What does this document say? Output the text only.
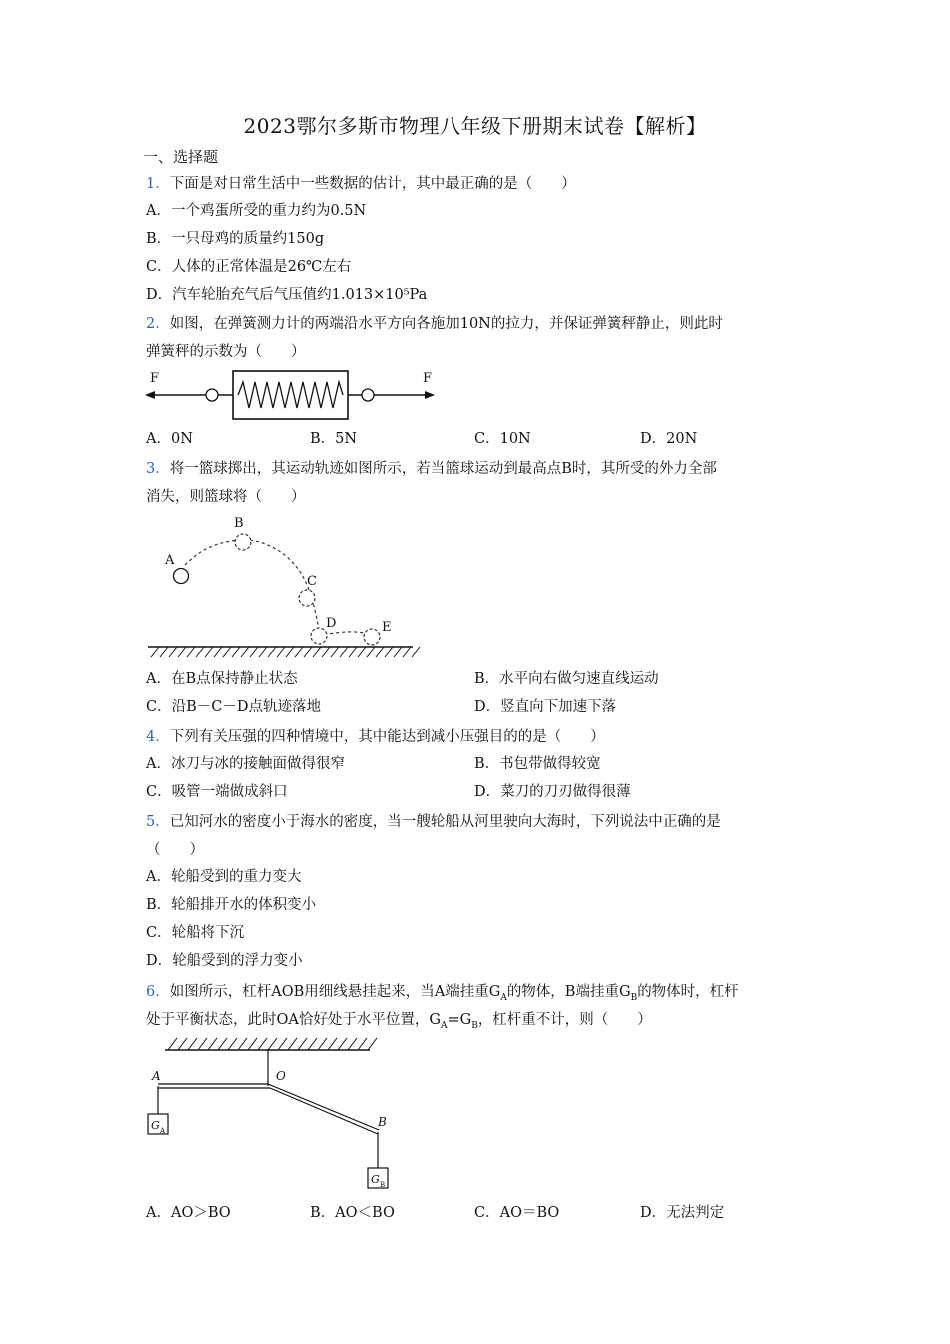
2023鄂尔多斯市物理八年级下册期末试卷【解析】
一、选择题
1．下面是对日常生活中一些数据的估计，其中最正确的是（　　）
A．一个鸡蛋所受的重力约为0.5N
B．一只母鸡的质量约150g
C．人体的正常体温是26℃左右
D．汽车轮胎充气后气压值约1.013×10⁵Pa
2．如图，在弹簧测力计的两端沿水平方向各施加10N的拉力，并保证弹簧秤静止，则此时
弹簧秤的示数为（　　）
F	F
A．0N	B．5N	C．10N	D．20N
3．将一篮球掷出，其运动轨迹如图所示，若当篮球运动到最高点B时，其所受的外力全部
消失，则篮球将（　　）
A
B
C
D	E
A．在B点保持静止状态	B．水平向右做匀速直线运动
C．沿B－C－D点轨迹落地	D．竖直向下加速下落
4．下列有关压强的四种情境中，其中能达到减小压强目的的是（　　）
A．冰刀与冰的接触面做得很窄	B．书包带做得较宽
C．吸管一端做成斜口	D．菜刀的刀刃做得很薄
5．已知河水的密度小于海水的密度，当一艘轮船从河里驶向大海时，下列说法中正确的是
（　　）
A．轮船受到的重力变大
B．轮船排开水的体积变小
C．轮船将下沉
D．轮船受到的浮力变小
6．如图所示，杠杆AOB用细线悬挂起来，当A端挂重$G_A$的物体，B端挂重$G_B$的物体时，杠杆
处于平衡状态，此时OA恰好处于水平位置，$G_A=G_B$，杠杆重不计，则（　　）
A	O
B
G A
G B
A．AO＞BO	B．AO＜BO	C．AO＝BO	D．无法判定
